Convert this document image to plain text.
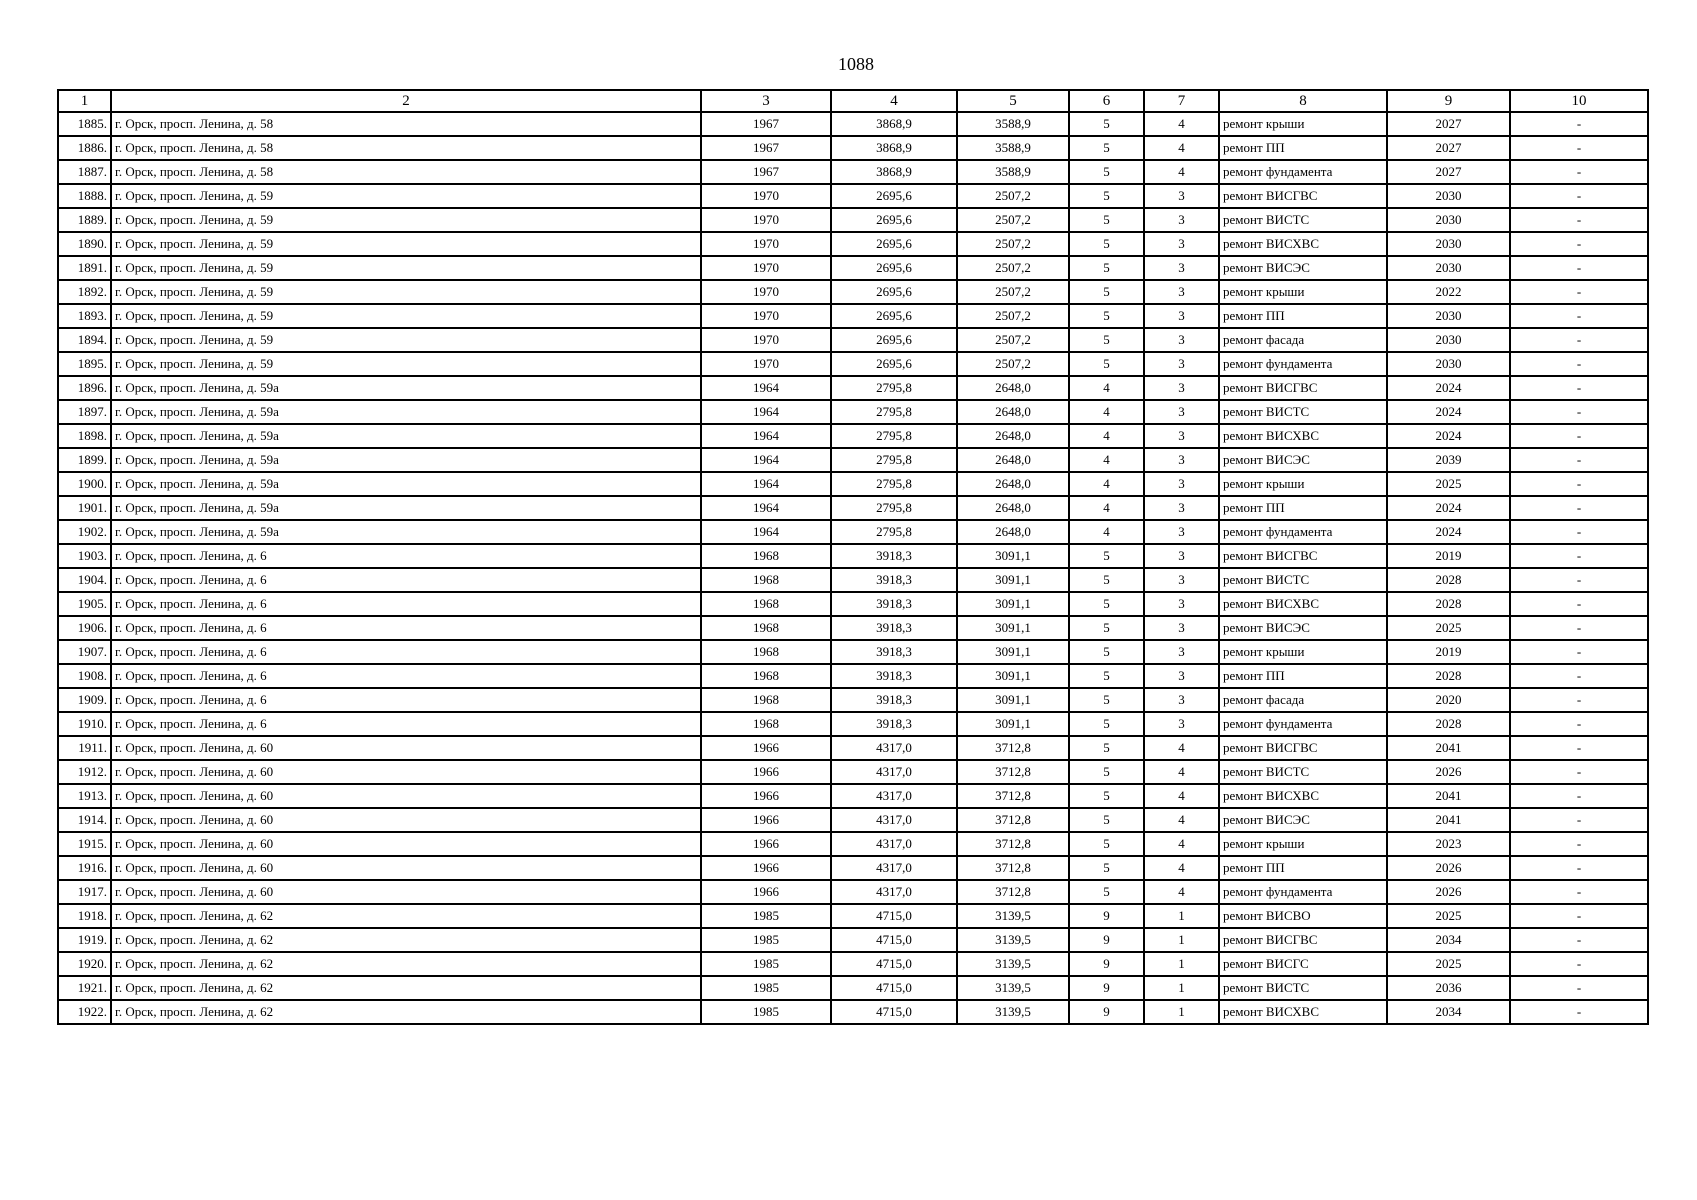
1088
1	2	3	4	5	6	7	8	9	10
1885.	г. Орск, просп. Ленина, д. 58	1967	3868,9	3588,9	5	4	ремонт крыши	2027	-
1886.	г. Орск, просп. Ленина, д. 58	1967	3868,9	3588,9	5	4	ремонт ПП	2027	-
1887.	г. Орск, просп. Ленина, д. 58	1967	3868,9	3588,9	5	4	ремонт фундамента	2027	-
1888.	г. Орск, просп. Ленина, д. 59	1970	2695,6	2507,2	5	3	ремонт ВИСГВС	2030	-
1889.	г. Орск, просп. Ленина, д. 59	1970	2695,6	2507,2	5	3	ремонт ВИСТС	2030	-
1890.	г. Орск, просп. Ленина, д. 59	1970	2695,6	2507,2	5	3	ремонт ВИСХВС	2030	-
1891.	г. Орск, просп. Ленина, д. 59	1970	2695,6	2507,2	5	3	ремонт ВИСЭС	2030	-
1892.	г. Орск, просп. Ленина, д. 59	1970	2695,6	2507,2	5	3	ремонт крыши	2022	-
1893.	г. Орск, просп. Ленина, д. 59	1970	2695,6	2507,2	5	3	ремонт ПП	2030	-
1894.	г. Орск, просп. Ленина, д. 59	1970	2695,6	2507,2	5	3	ремонт фасада	2030	-
1895.	г. Орск, просп. Ленина, д. 59	1970	2695,6	2507,2	5	3	ремонт фундамента	2030	-
1896.	г. Орск, просп. Ленина, д. 59а	1964	2795,8	2648,0	4	3	ремонт ВИСГВС	2024	-
1897.	г. Орск, просп. Ленина, д. 59а	1964	2795,8	2648,0	4	3	ремонт ВИСТС	2024	-
1898.	г. Орск, просп. Ленина, д. 59а	1964	2795,8	2648,0	4	3	ремонт ВИСХВС	2024	-
1899.	г. Орск, просп. Ленина, д. 59а	1964	2795,8	2648,0	4	3	ремонт ВИСЭС	2039	-
1900.	г. Орск, просп. Ленина, д. 59а	1964	2795,8	2648,0	4	3	ремонт крыши	2025	-
1901.	г. Орск, просп. Ленина, д. 59а	1964	2795,8	2648,0	4	3	ремонт ПП	2024	-
1902.	г. Орск, просп. Ленина, д. 59а	1964	2795,8	2648,0	4	3	ремонт фундамента	2024	-
1903.	г. Орск, просп. Ленина, д. 6	1968	3918,3	3091,1	5	3	ремонт ВИСГВС	2019	-
1904.	г. Орск, просп. Ленина, д. 6	1968	3918,3	3091,1	5	3	ремонт ВИСТС	2028	-
1905.	г. Орск, просп. Ленина, д. 6	1968	3918,3	3091,1	5	3	ремонт ВИСХВС	2028	-
1906.	г. Орск, просп. Ленина, д. 6	1968	3918,3	3091,1	5	3	ремонт ВИСЭС	2025	-
1907.	г. Орск, просп. Ленина, д. 6	1968	3918,3	3091,1	5	3	ремонт крыши	2019	-
1908.	г. Орск, просп. Ленина, д. 6	1968	3918,3	3091,1	5	3	ремонт ПП	2028	-
1909.	г. Орск, просп. Ленина, д. 6	1968	3918,3	3091,1	5	3	ремонт фасада	2020	-
1910.	г. Орск, просп. Ленина, д. 6	1968	3918,3	3091,1	5	3	ремонт фундамента	2028	-
1911.	г. Орск, просп. Ленина, д. 60	1966	4317,0	3712,8	5	4	ремонт ВИСГВС	2041	-
1912.	г. Орск, просп. Ленина, д. 60	1966	4317,0	3712,8	5	4	ремонт ВИСТС	2026	-
1913.	г. Орск, просп. Ленина, д. 60	1966	4317,0	3712,8	5	4	ремонт ВИСХВС	2041	-
1914.	г. Орск, просп. Ленина, д. 60	1966	4317,0	3712,8	5	4	ремонт ВИСЭС	2041	-
1915.	г. Орск, просп. Ленина, д. 60	1966	4317,0	3712,8	5	4	ремонт крыши	2023	-
1916.	г. Орск, просп. Ленина, д. 60	1966	4317,0	3712,8	5	4	ремонт ПП	2026	-
1917.	г. Орск, просп. Ленина, д. 60	1966	4317,0	3712,8	5	4	ремонт фундамента	2026	-
1918.	г. Орск, просп. Ленина, д. 62	1985	4715,0	3139,5	9	1	ремонт ВИСВО	2025	-
1919.	г. Орск, просп. Ленина, д. 62	1985	4715,0	3139,5	9	1	ремонт ВИСГВС	2034	-
1920.	г. Орск, просп. Ленина, д. 62	1985	4715,0	3139,5	9	1	ремонт ВИСГС	2025	-
1921.	г. Орск, просп. Ленина, д. 62	1985	4715,0	3139,5	9	1	ремонт ВИСТС	2036	-
1922.	г. Орск, просп. Ленина, д. 62	1985	4715,0	3139,5	9	1	ремонт ВИСХВС	2034	-
